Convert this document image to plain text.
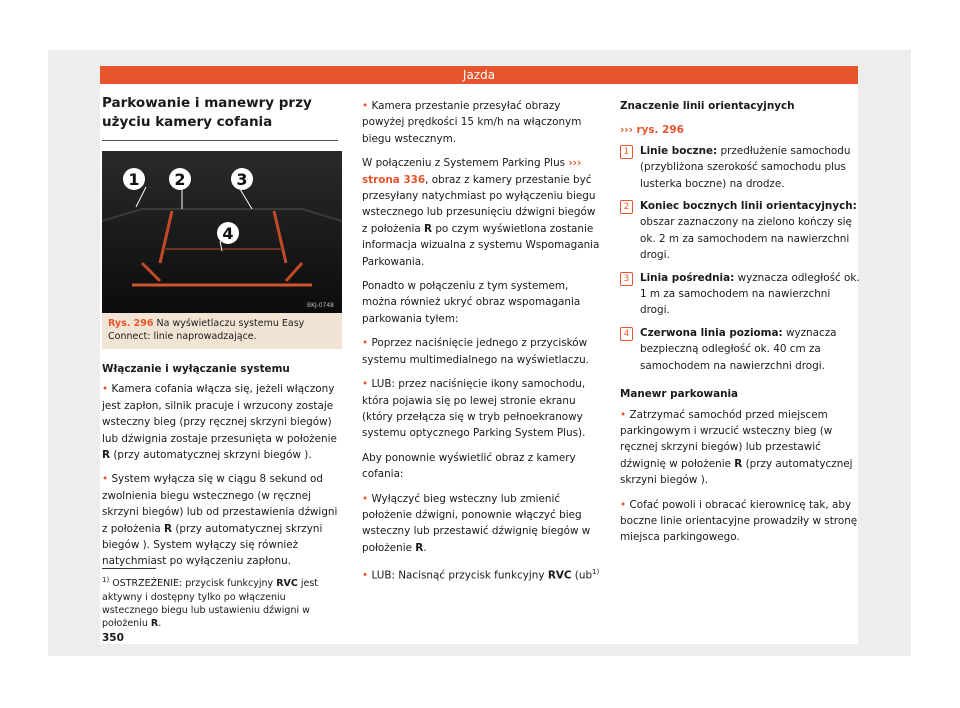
Jazda
Parkowanie i manewry przy użyciu kamery cofania
1 2	3
4
BKJ-0748
Rys. 296 Na wyświetlaczu systemu Easy Connect: linie naprowadzające.
Włączanie i wyłączanie systemu

• Kamera cofania włącza się, jeżeli włączony jest zapłon, silnik pracuje i wrzucony zostaje wsteczny bieg (przy ręcznej skrzyni biegów) lub dźwignia zostaje przesunięta w położenie R (przy automatycznej skrzyni biegów ).

• System wyłącza się w ciągu 8 sekund od zwolnienia biegu wstecznego (w ręcznej skrzyni biegów) lub od przestawienia dźwigni z położenia R (przy automatycznej skrzyni biegów ). System wyłączy się również natychmiast po wyłączeniu zapłonu.

• Kamera przestanie przesyłać obrazy powyżej prędkości 15 km/h na włączonym biegu wstecznym.

W połączeniu z Systemem Parking Plus ››› strona 336, obraz z kamery przestanie być przesyłany natychmiast po wyłączeniu biegu wstecznego lub przesunięciu dźwigni biegów z położenia R po czym wyświetlona zostanie informacja wizualna z systemu Wspomagania Parkowania.

Ponadto w połączeniu z tym systemem, można również ukryć obraz wspomagania parkowania tyłem:

• Poprzez naciśnięcie jednego z przycisków systemu multimedialnego na wyświetlaczu.

• LUB: przez naciśnięcie ikony samochodu, która pojawia się po lewej stronie ekranu (który przełącza się w tryb pełnoekranowy systemu optycznego Parking System Plus).

Aby ponownie wyświetlić obraz z kamery cofania:

• Wyłączyć bieg wsteczny lub zmienić położenie dźwigni, ponownie włączyć bieg wsteczny lub przestawić dźwignię biegów w położenie R.

• LUB: Nacisnąć przycisk funkcyjny RVC ($ub^{1)}$

Znaczenie linii orientacyjnych
››› rys. 296
1	Linie boczne: przedłużenie samochodu (przybliżona szerokość samochodu plus lusterka boczne) na drodze.
2	Koniec bocznych linii orientacyjnych: obszar zaznaczony na zielono kończy się ok. 2 m za samochodem na nawierzchni drogi.
3	Linia pośrednia: wyznacza odległość ok. 1 m za samochodem na nawierzchni drogi.
4	Czerwona linia pozioma: wyznacza bezpieczną odległość ok. 40 cm za samochodem na nawierzchni drogi.
Manewr parkowania

• Zatrzymać samochód przed miejscem parkingowym i wrzucić wsteczny bieg (w ręcznej skrzyni biegów) lub przestawić dźwignię w położenie R (przy automatycznej skrzyni biegów ).

• Cofać powoli i obracać kierownicę tak, aby boczne linie orientacyjne prowadziły w stronę miejsca parkingowego.

$^{1)}$ OSTRZEŻENIE: przycisk funkcyjny RVC jest aktywny i dostępny tylko po włączeniu wstecznego biegu lub ustawieniu dźwigni w położeniu R.
350
